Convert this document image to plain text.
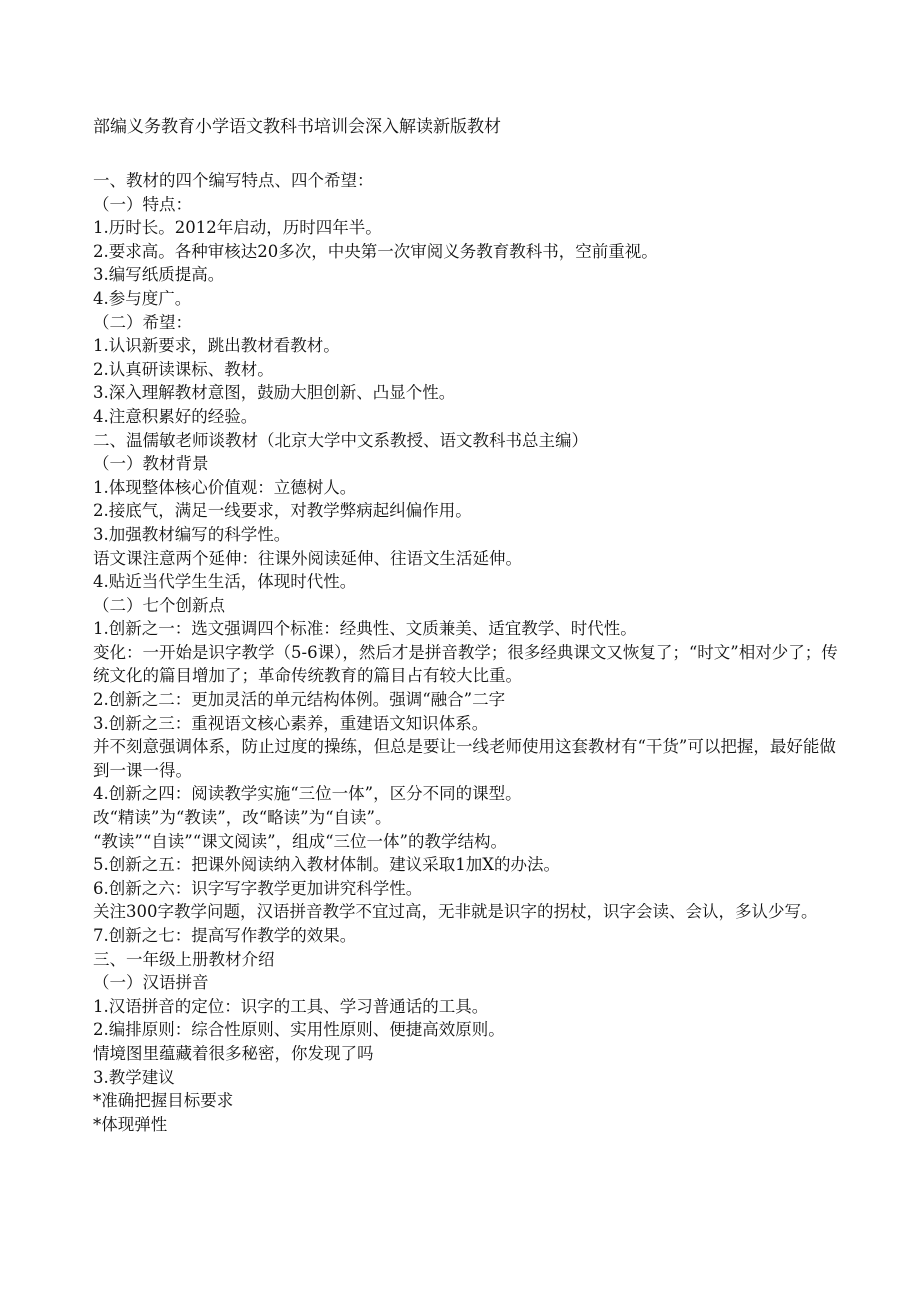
部编义务教育小学语文教科书培训会深入解读新版教材
一、教材的四个编写特点、四个希望：
（一）特点：
1.历时长。2012年启动，历时四年半。
2.要求高。各种审核达20多次，中央第一次审阅义务教育教科书，空前重视。
3.编写纸质提高。
4.参与度广。
（二）希望：
1.认识新要求，跳出教材看教材。
2.认真研读课标、教材。
3.深入理解教材意图，鼓励大胆创新、凸显个性。
4.注意积累好的经验。
二、温儒敏老师谈教材（北京大学中文系教授、语文教科书总主编）
（一）教材背景
1.体现整体核心价值观：立德树人。
2.接底气，满足一线要求，对教学弊病起纠偏作用。
3.加强教材编写的科学性。
语文课注意两个延伸：往课外阅读延伸、往语文生活延伸。
4.贴近当代学生生活，体现时代性。
（二）七个创新点
1.创新之一：选文强调四个标准：经典性、文质兼美、适宜教学、时代性。
变化：一开始是识字教学（5-6课），然后才是拼音教学；很多经典课文又恢复了；“时文”相对少了；传统文化的篇目增加了；革命传统教育的篇目占有较大比重。
2.创新之二：更加灵活的单元结构体例。强调“融合”二字
3.创新之三：重视语文核心素养，重建语文知识体系。
并不刻意强调体系，防止过度的操练，但总是要让一线老师使用这套教材有“干货”可以把握，最好能做到一课一得。
4.创新之四：阅读教学实施“三位一体”，区分不同的课型。
改“精读”为“教读”，改“略读”为“自读”。
“教读”“自读”“课文阅读”，组成“三位一体”的教学结构。
5.创新之五：把课外阅读纳入教材体制。建议采取1加X的办法。
6.创新之六：识字写字教学更加讲究科学性。
关注300字教学问题，汉语拼音教学不宜过高，无非就是识字的拐杖，识字会读、会认，多认少写。
7.创新之七：提高写作教学的效果。
三、一年级上册教材介绍
（一）汉语拼音
1.汉语拼音的定位：识字的工具、学习普通话的工具。
2.编排原则：综合性原则、实用性原则、便捷高效原则。
情境图里蕴藏着很多秘密，你发现了吗
3.教学建议
*准确把握目标要求
*体现弹性
